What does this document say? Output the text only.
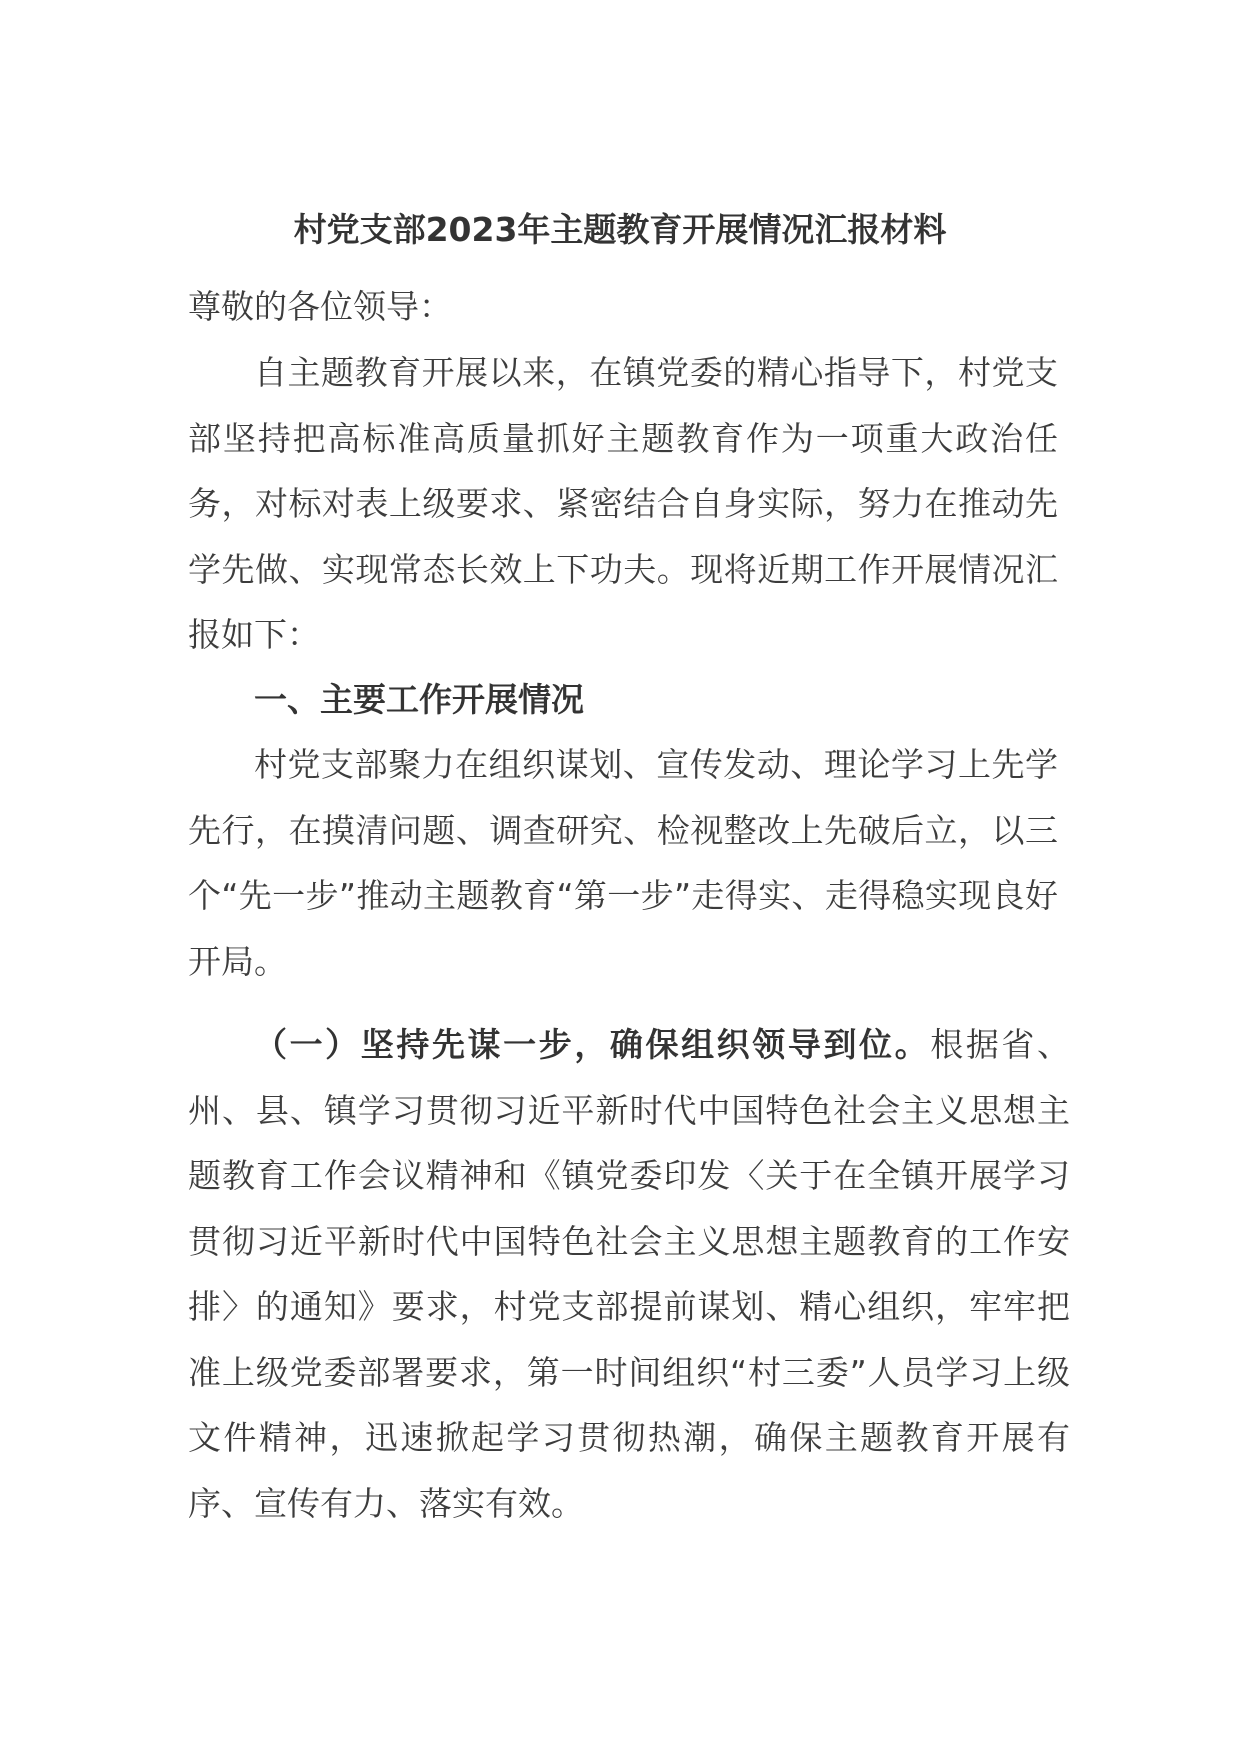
村党支部2023年主题教育开展情况汇报材料
尊敬的各位领导：

自主题教育开展以来，在镇党委的精心指导下，村党支部坚持把高标准高质量抓好主题教育作为一项重大政治任务，对标对表上级要求、紧密结合自身实际，努力在推动先学先做、实现常态长效上下功夫。现将近期工作开展情况汇报如下：

一、主要工作开展情况

村党支部聚力在组织谋划、宣传发动、理论学习上先学先行，在摸清问题、调查研究、检视整改上先破后立，以三个“先一步”推动主题教育“第一步”走得实、走得稳实现良好开局。

（一）坚持先谋一步，确保组织领导到位。根据省、州、县、镇学习贯彻习近平新时代中国特色社会主义思想主题教育工作会议精神和《镇党委印发〈关于在全镇开展学习贯彻习近平新时代中国特色社会主义思想主题教育的工作安排〉的通知》要求，村党支部提前谋划、精心组织，牢牢把准上级党委部署要求，第一时间组织“村三委”人员学习上级文件精神，迅速掀起学习贯彻热潮，确保主题教育开展有序、宣传有力、落实有效。
